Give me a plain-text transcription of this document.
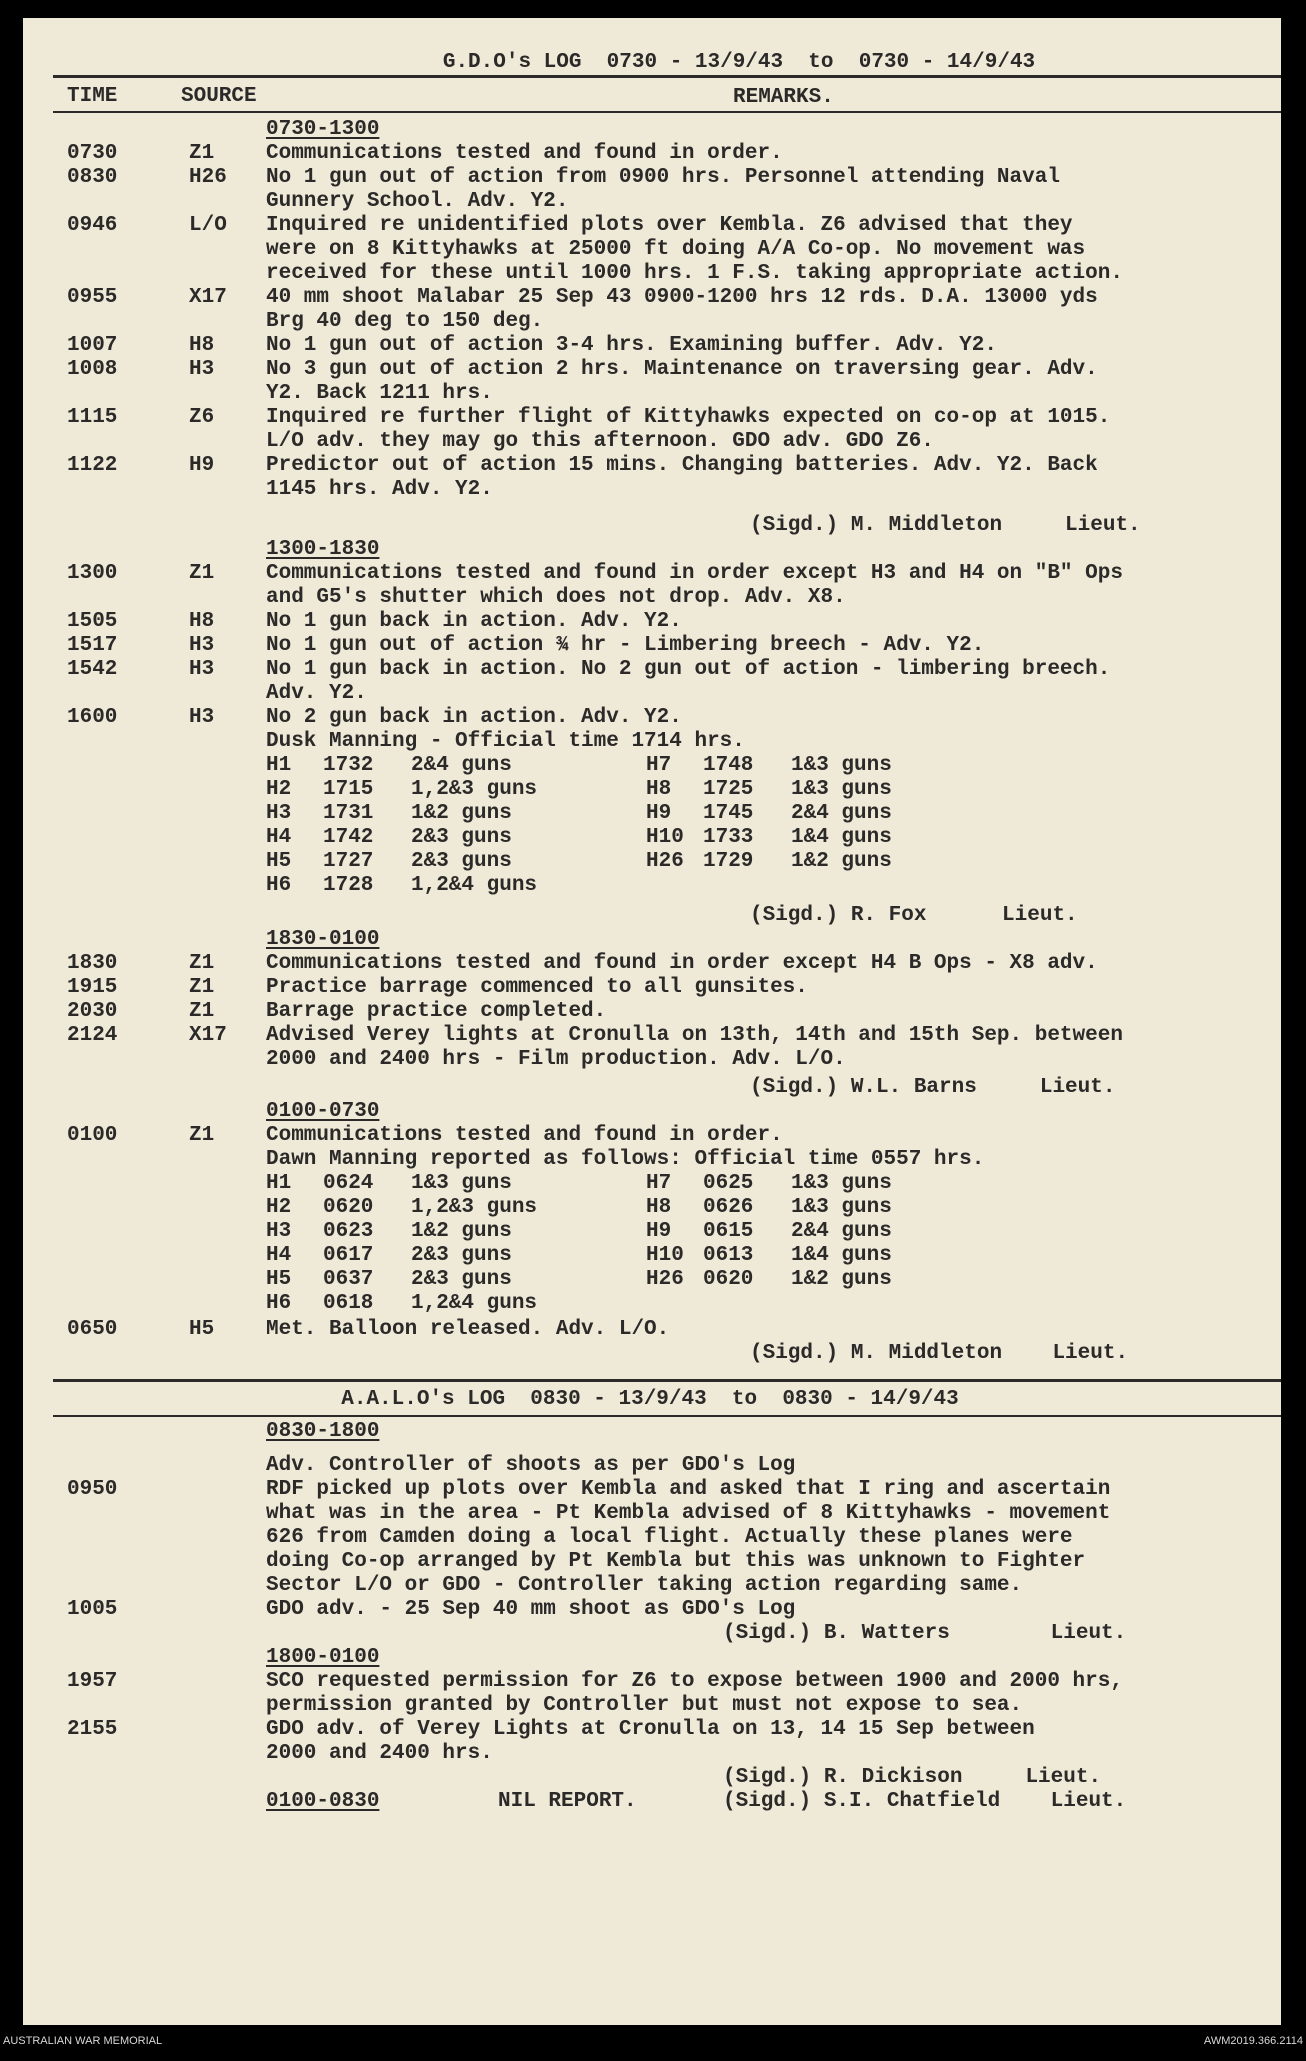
G.D.O's LOG  0730 - 13/9/43  to  0730 - 14/9/43
TIME	SOURCE	REMARKS.
0730-1300
0730	Z1 Communications tested and found in order.
0830	H26 No 1 gun out of action from 0900 hrs. Personnel attending Naval
Gunnery School. Adv. Y2.
0946	L/O Inquired re unidentified plots over Kembla. Z6 advised that they
were on 8 Kittyhawks at 25000 ft doing A/A Co-op. No movement was
received for these until 1000 hrs. 1 F.S. taking appropriate action.
0955	X17 40 mm shoot Malabar 25 Sep 43 0900-1200 hrs 12 rds. D.A. 13000 yds
Brg 40 deg to 150 deg.
1007	H8 No 1 gun out of action 3-4 hrs. Examining buffer. Adv. Y2.
1008	H3 No 3 gun out of action 2 hrs. Maintenance on traversing gear. Adv.
Y2. Back 1211 hrs.
1115	Z6 Inquired re further flight of Kittyhawks expected on co-op at 1015.
L/O adv. they may go this afternoon. GDO adv. GDO Z6.
1122	H9 Predictor out of action 15 mins. Changing batteries. Adv. Y2. Back
1145 hrs. Adv. Y2.
(Sigd.) M. Middleton     Lieut.
1300-1830
1300	Z1 Communications tested and found in order except H3 and H4 on "B" Ops
and G5's shutter which does not drop. Adv. X8.
1505	H8 No 1 gun back in action. Adv. Y2.
1517	H3 No 1 gun out of action ¾ hr - Limbering breech - Adv. Y2.
1542	H3 No 1 gun back in action. No 2 gun out of action - limbering breech.
Adv. Y2.
1600	H3 No 2 gun back in action. Adv. Y2.
Dusk Manning - Official time 1714 hrs.
H1 1732 2&4 guns
H2 1715 1,2&3 guns
H3 1731 1&2 guns
H4 1742 2&3 guns
H5 1727 2&3 guns
H6 1728 1,2&4 guns
H7 1748 1&3 guns
H8 1725 1&3 guns
H9 1745 2&4 guns
H10 1733 1&4 guns
H26 1729 1&2 guns
(Sigd.) R. Fox      Lieut.
1830-0100
1830	Z1 Communications tested and found in order except H4 B Ops - X8 adv.
1915	Z1 Practice barrage commenced to all gunsites.
2030	Z1 Barrage practice completed.
2124	X17 Advised Verey lights at Cronulla on 13th, 14th and 15th Sep. between
2000 and 2400 hrs - Film production. Adv. L/O.
(Sigd.) W.L. Barns     Lieut.
0100-0730
0100	Z1 Communications tested and found in order.
Dawn Manning reported as follows: Official time 0557 hrs.
H1 0624 1&3 guns
H2 0620 1,2&3 guns
H3 0623 1&2 guns
H4 0617 2&3 guns
H5 0637 2&3 guns
H6 0618 1,2&4 guns
H7 0625 1&3 guns
H8 0626 1&3 guns
H9 0615 2&4 guns
H10 0613 1&4 guns
H26 0620 1&2 guns
0650	H5 Met. Balloon released. Adv. L/O.
(Sigd.) M. Middleton    Lieut.
A.A.L.O's LOG  0830 - 13/9/43  to  0830 - 14/9/43
0830-1800
Adv. Controller of shoots as per GDO's Log
0950	RDF picked up plots over Kembla and asked that I ring and ascertain
what was in the area - Pt Kembla advised of 8 Kittyhawks - movement
626 from Camden doing a local flight. Actually these planes were
doing Co-op arranged by Pt Kembla but this was unknown to Fighter
Sector L/O or GDO - Controller taking action regarding same.
1005	GDO adv. - 25 Sep 40 mm shoot as GDO's Log
(Sigd.) B. Watters        Lieut.
1800-0100
1957	SCO requested permission for Z6 to expose between 1900 and 2000 hrs,
permission granted by Controller but must not expose to sea.
2155	GDO adv. of Verey Lights at Cronulla on 13, 14 15 Sep between
2000 and 2400 hrs.
(Sigd.) R. Dickison     Lieut.
0100-0830	NIL REPORT.	(Sigd.) S.I. Chatfield    Lieut.
AUSTRALIAN WAR MEMORIAL	AWM2019.366.2114
